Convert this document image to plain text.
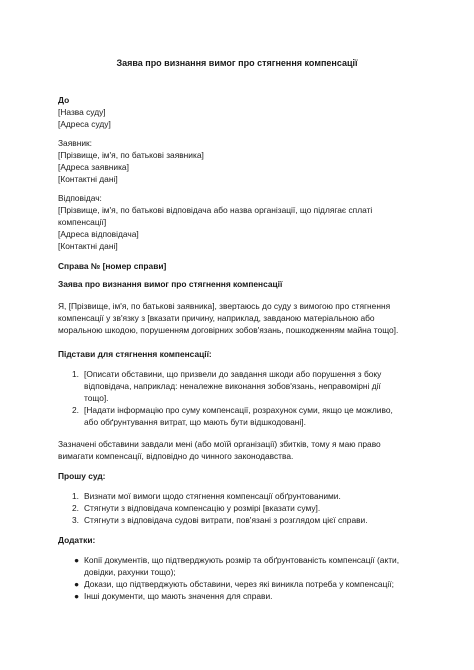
Заява про визнання вимог про стягнення компенсації
До
[Назва суду]
[Адреса суду]
Заявник:
[Прізвище, ім'я, по батькові заявника]
[Адреса заявника]
[Контактні дані]
Відповідач:
[Прізвище, ім'я, по батькові відповідача або назва організації, що підлягає сплаті
компенсації]
[Адреса відповідача]
[Контактні дані]
Справа № [номер справи]
Заява про визнання вимог про стягнення компенсації
Я, [Прізвище, ім'я, по батькові заявника], звертаюсь до суду з вимогою про стягнення
компенсації у зв'язку з [вказати причину, наприклад, завданою матеріальною або
моральною шкодою, порушенням договірних зобов'язань, пошкодженням майна тощо].
Підстави для стягнення компенсації:
1. [Описати обставини, що призвели до завдання шкоди або порушення з боку
відповідача, наприклад: неналежне виконання зобов'язань, неправомірні дії
тощо].
2. [Надати інформацію про суму компенсації, розрахунок суми, якщо це можливо,
або обґрунтування витрат, що мають бути відшкодовані].
Зазначені обставини завдали мені (або моїй організації) збитків, тому я маю право
вимагати компенсації, відповідно до чинного законодавства.
Прошу суд:
1. Визнати мої вимоги щодо стягнення компенсації обґрунтованими.
2. Стягнути з відповідача компенсацію у розмірі [вказати суму].
3. Стягнути з відповідача судові витрати, пов'язані з розглядом цієї справи.
Додатки:
● Копії документів, що підтверджують розмір та обґрунтованість компенсації (акти,
довідки, рахунки тощо);
● Докази, що підтверджують обставини, через які виникла потреба у компенсації;
● Інші документи, що мають значення для справи.
